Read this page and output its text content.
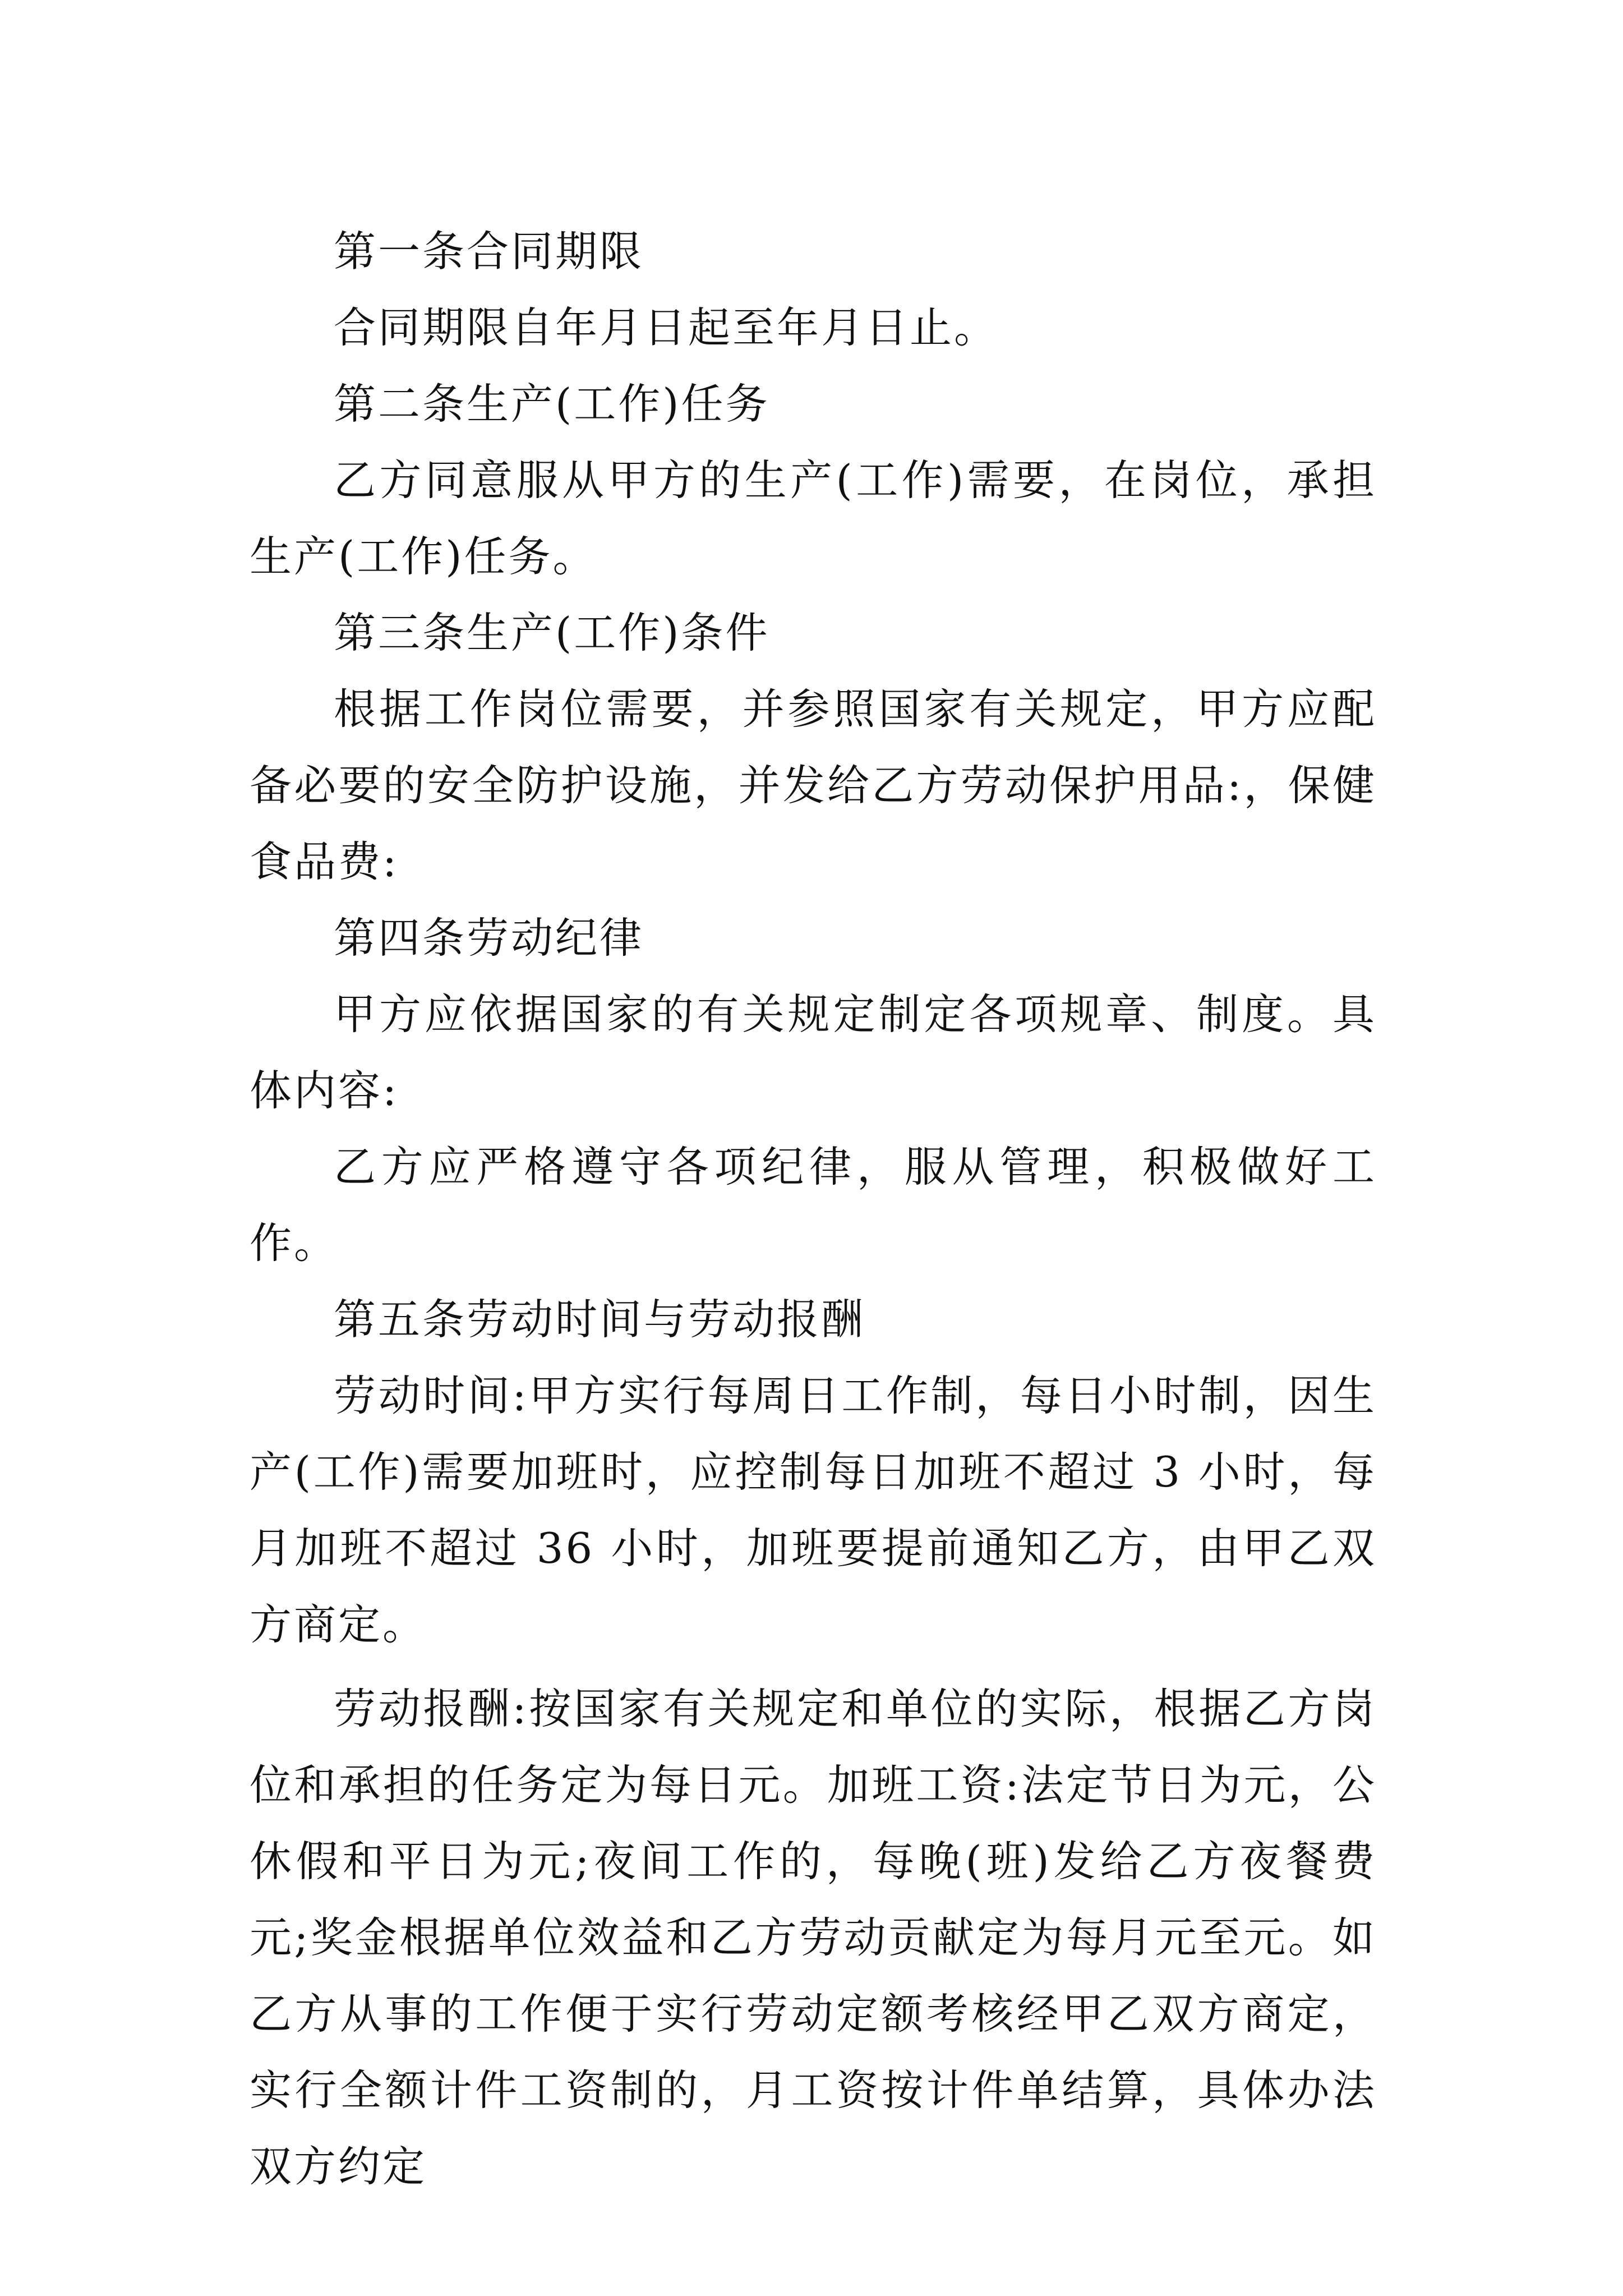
第一条合同期限

合同期限自年月日起至年月日止。

第二条生产(工作)任务

乙方同意服从甲方的生产(工作)需要，在岗位，承担生产(工作)任务。

第三条生产(工作)条件

根据工作岗位需要，并参照国家有关规定，甲方应配备必要的安全防护设施，并发给乙方劳动保护用品:，保健食品费:

第四条劳动纪律

甲方应依据国家的有关规定制定各项规章、制度。具体内容:

乙方应严格遵守各项纪律，服从管理，积极做好工作。

第五条劳动时间与劳动报酬

劳动时间:甲方实行每周日工作制，每日小时制，因生产(工作)需要加班时，应控制每日加班不超过 3 小时，每月加班不超过 36 小时，加班要提前通知乙方，由甲乙双方商定。

劳动报酬:按国家有关规定和单位的实际，根据乙方岗位和承担的任务定为每日元。加班工资:法定节日为元，公休假和平日为元;夜间工作的，每晚(班)发给乙方夜餐费元;奖金根据单位效益和乙方劳动贡献定为每月元至元。如乙方从事的工作便于实行劳动定额考核经甲乙双方商定，实行全额计件工资制的，月工资按计件单结算，具体办法双方约定
